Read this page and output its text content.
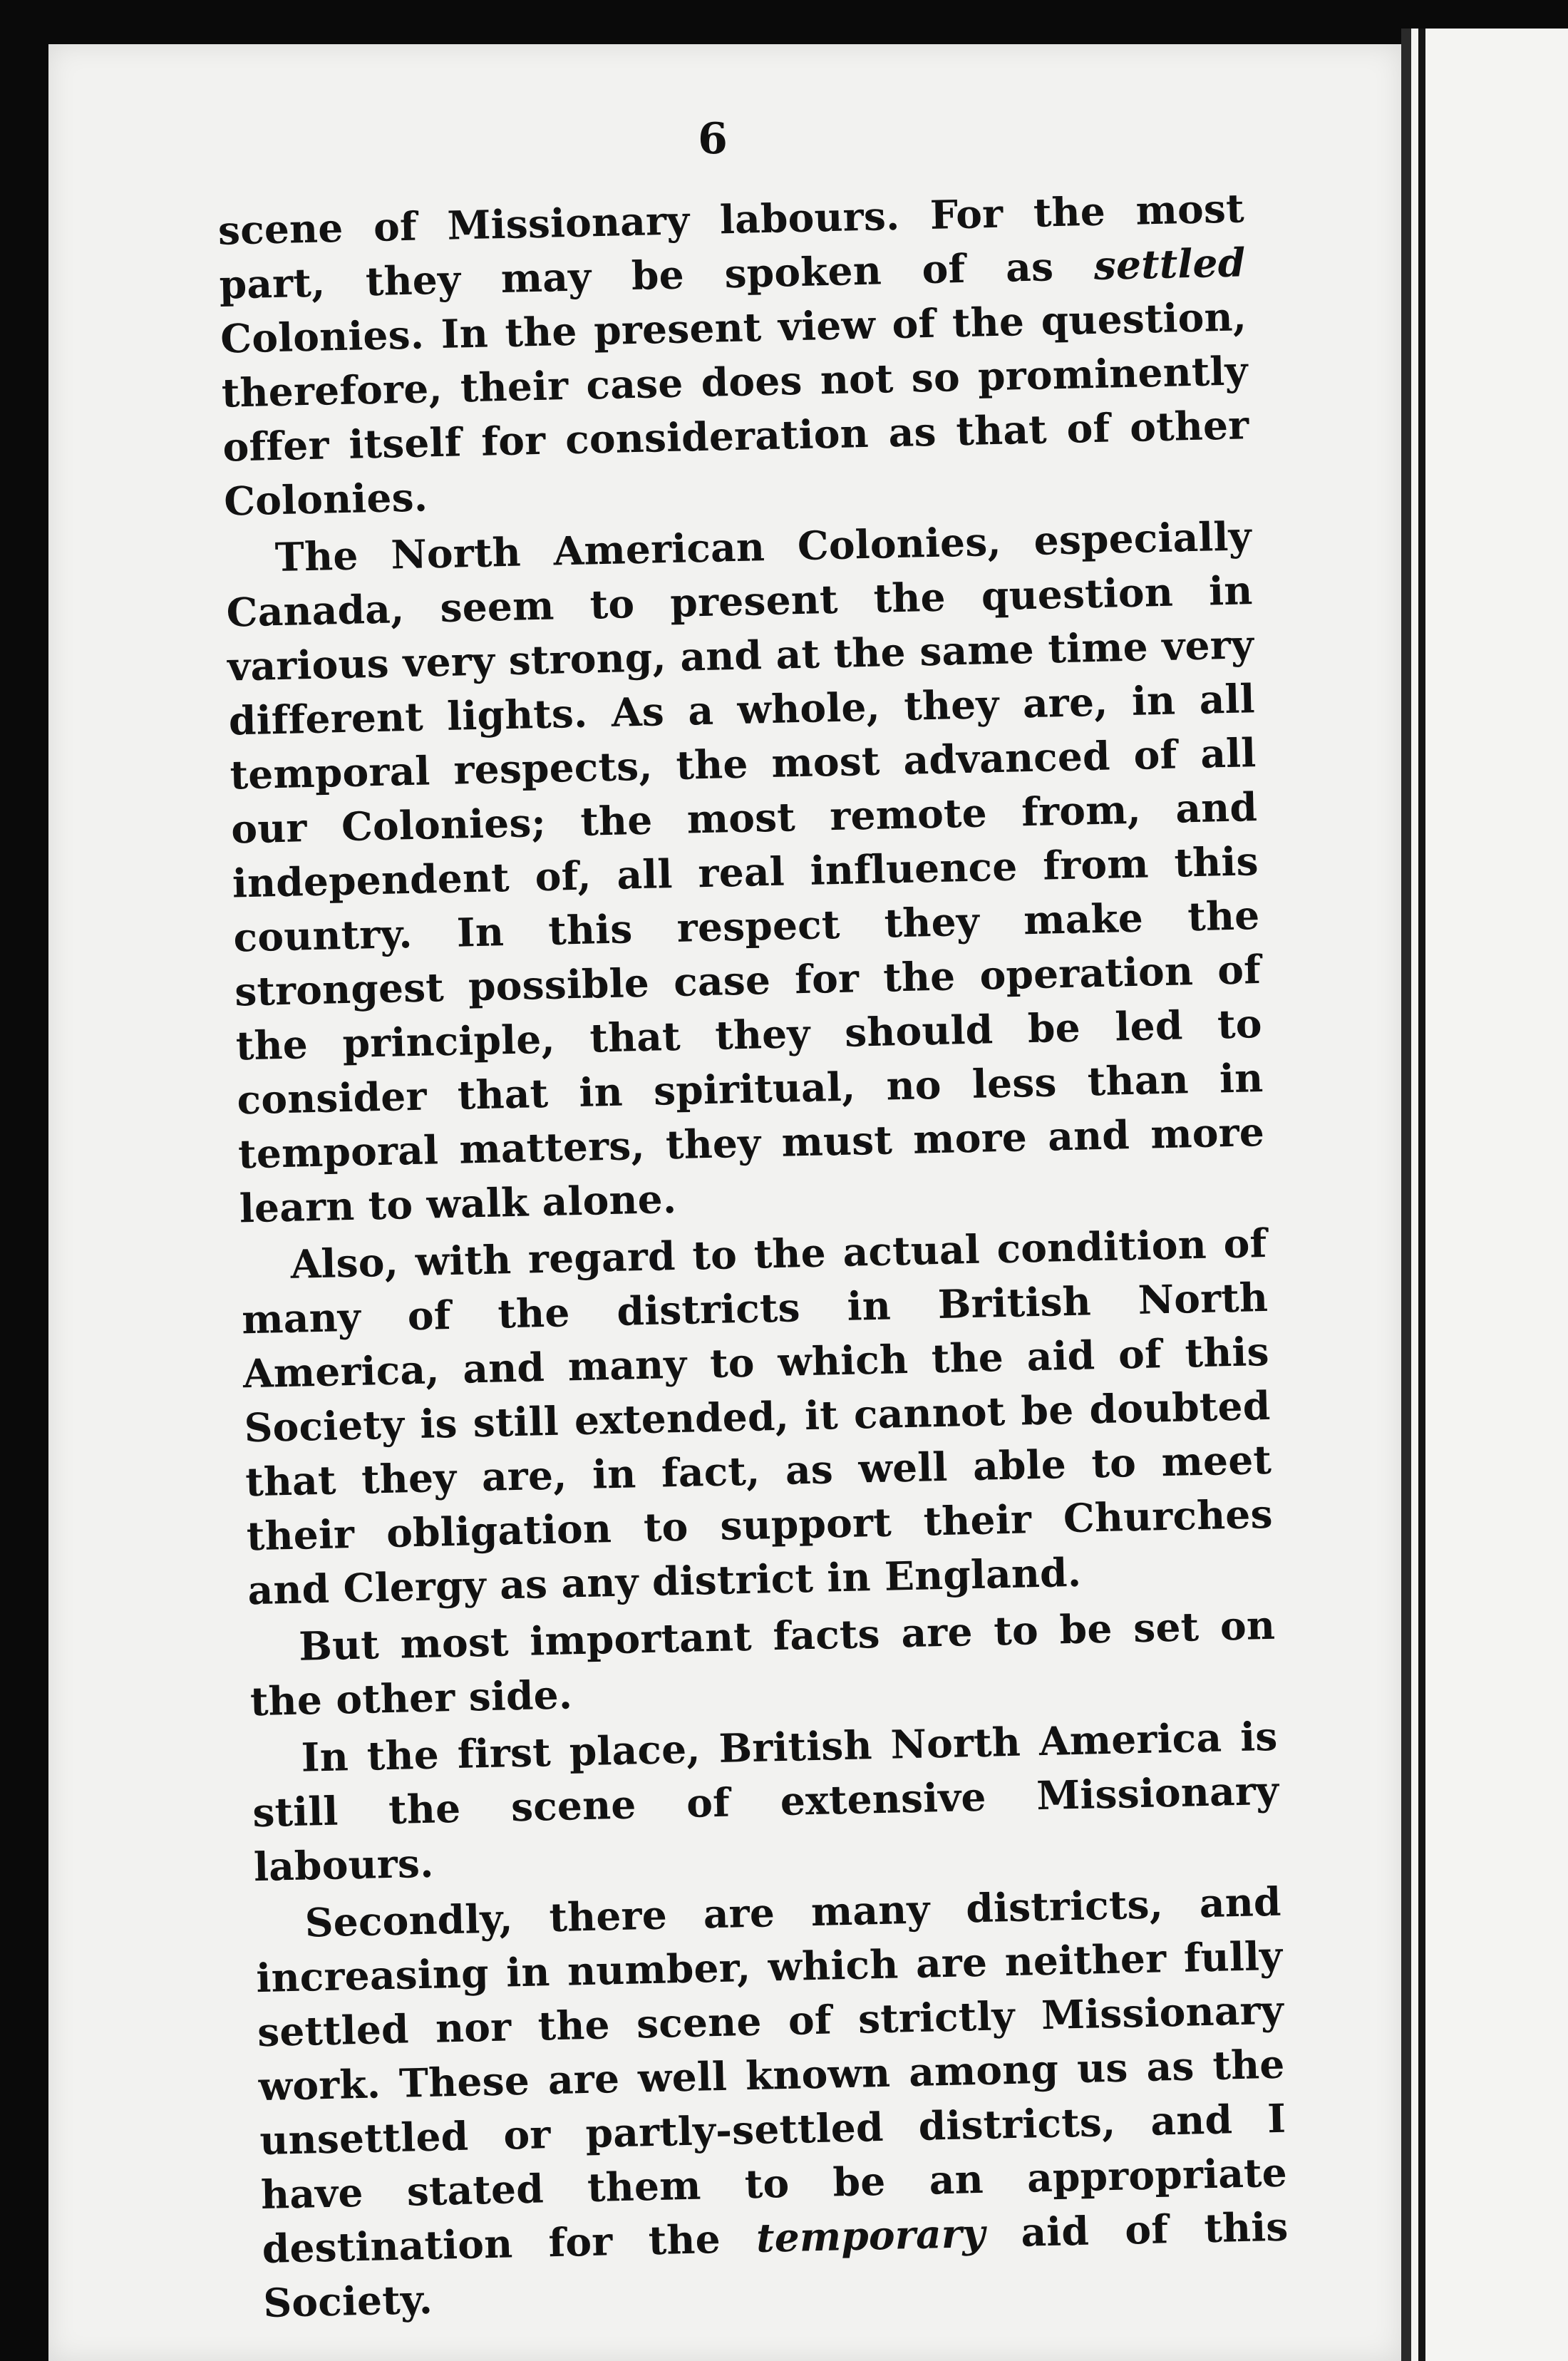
6

scene of Missionary labours. For the most part, they may be spoken of as settled Colonies. In the present view of the question, therefore, their case does not so prominently offer itself for consideration as that of other Colonies.

The North American Colonies, especially Canada, seem to present the question in various very strong, and at the same time very different lights. As a whole, they are, in all temporal respects, the most advanced of all our Colonies; the most remote from, and independent of, all real influence from this country. In this respect they make the strongest possible case for the operation of the principle, that they should be led to consider that in spiritual, no less than in temporal matters, they must more and more learn to walk alone.

Also, with regard to the actual condition of many of the districts in British North America, and many to which the aid of this Society is still extended, it cannot be doubted that they are, in fact, as well able to meet their obligation to support their Churches and Clergy as any district in England.

But most important facts are to be set on the other side.

In the first place, British North America is still the scene of extensive Missionary labours.

Secondly, there are many districts, and increasing in number, which are neither fully settled nor the scene of strictly Missionary work. These are well known among us as the unsettled or partly-settled districts, and I have stated them to be an appropriate destination for the temporary aid of this Society.
